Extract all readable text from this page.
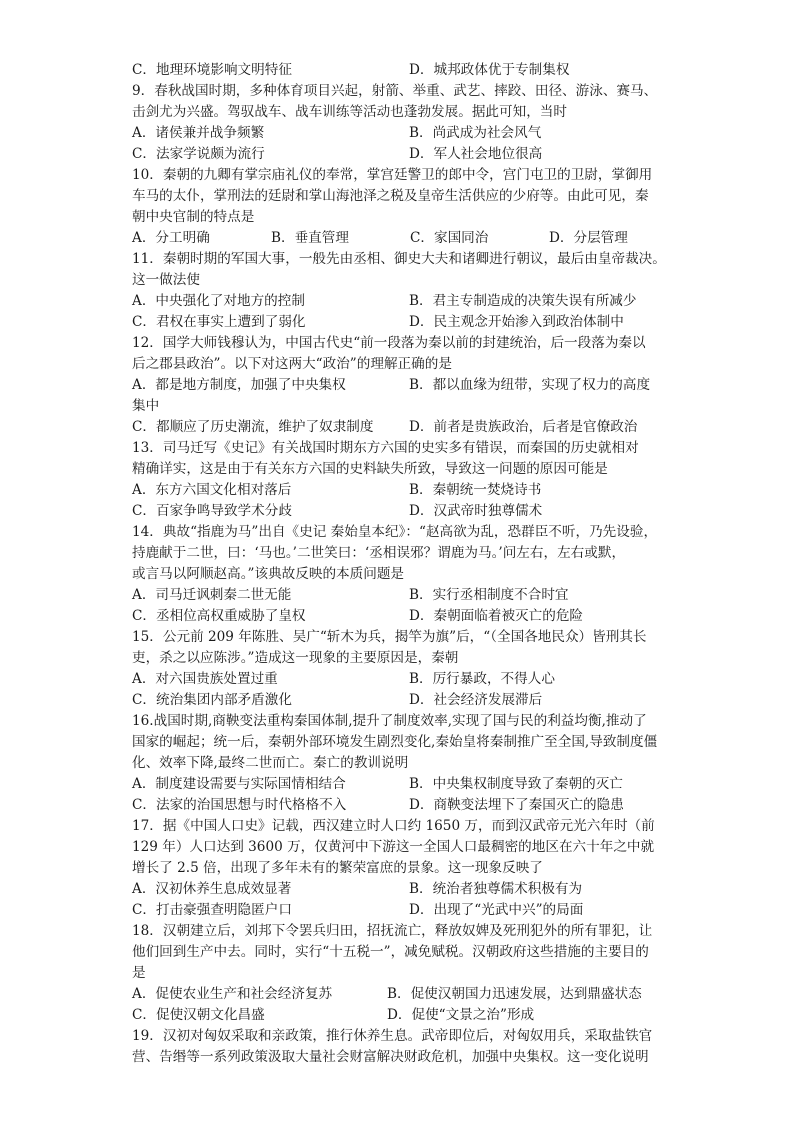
C．地理环境影响文明特征	D．城邦政体优于专制集权
9．春秋战国时期，多种体育项目兴起，射箭、举重、武艺、摔跤、田径、游泳、赛马、
击剑尤为兴盛。驾驭战车、战车训练等活动也蓬勃发展。据此可知，当时
A．诸侯兼并战争频繁	B．尚武成为社会风气
C．法家学说颇为流行	D．军人社会地位很高
10．秦朝的九卿有掌宗庙礼仪的奉常，掌宫廷警卫的郎中令，宫门屯卫的卫尉，掌御用
车马的太仆，掌刑法的廷尉和掌山海池泽之税及皇帝生活供应的少府等。由此可见，秦
朝中央官制的特点是
A．分工明确	B．垂直管理	C．家国同治	D．分层管理
11．秦朝时期的军国大事，一般先由丞相、御史大夫和诸卿进行朝议，最后由皇帝裁决。
这一做法使
A．中央强化了对地方的控制	B．君主专制造成的决策失误有所减少
C．君权在事实上遭到了弱化	D．民主观念开始渗入到政治体制中
12．国学大师钱穆认为，中国古代史“前一段落为秦以前的封建统治，后一段落为秦以
后之郡县政治”。以下对这两大“政治”的理解正确的是
A．都是地方制度，加强了中央集权	B．都以血缘为纽带，实现了权力的高度
集中
C．都顺应了历史潮流，维护了奴隶制度	D．前者是贵族政治，后者是官僚政治
13．司马迁写《史记》有关战国时期东方六国的史实多有错误，而秦国的历史就相对
精确详实，这是由于有关东方六国的史料缺失所致，导致这一问题的原因可能是
A．东方六国文化相对落后	B．秦朝统一焚烧诗书
C．百家争鸣导致学术分歧	D．汉武帝时独尊儒术
14．典故“指鹿为马”出自《史记 秦始皇本纪》：“赵高欲为乱，恐群臣不听，乃先设验，
持鹿献于二世，曰：‘马也。’二世笑曰：‘丞相误邪？谓鹿为马。’问左右，左右或默，
或言马以阿顺赵高。”该典故反映的本质问题是
A．司马迁讽刺秦二世无能	B．实行丞相制度不合时宜
C．丞相位高权重威胁了皇权	D．秦朝面临着被灭亡的危险
15．公元前 209 年陈胜、吴广“斩木为兵，揭竿为旗”后，“（全国各地民众）皆刑其长
吏，杀之以应陈涉。”造成这一现象的主要原因是，秦朝
A．对六国贵族处置过重	B．厉行暴政，不得人心
C．统治集团内部矛盾激化	D．社会经济发展滞后
16.战国时期,商鞅变法重构秦国体制,提升了制度效率,实现了国与民的利益均衡,推动了
国家的崛起；统一后，秦朝外部环境发生剧烈变化,秦始皇将秦制推广至全国,导致制度僵
化、效率下降,最终二世而亡。秦亡的教训说明
A．制度建设需要与实际国情相结合	B．中央集权制度导致了秦朝的灭亡
C．法家的治国思想与时代格格不入	D．商鞅变法埋下了秦国灭亡的隐患
17．据《中国人口史》记载，西汉建立时人口约 1650 万，而到汉武帝元光六年时（前
129 年）人口达到 3600 万，仅黄河中下游这一全国人口最稠密的地区在六十年之中就
增长了 2.5 倍，出现了多年未有的繁荣富庶的景象。这一现象反映了
A．汉初休养生息成效显著	B．统治者独尊儒术积极有为
C．打击豪强查明隐匿户口	D．出现了“光武中兴”的局面
18．汉朝建立后，刘邦下令罢兵归田，招抚流亡，释放奴婢及死刑犯外的所有罪犯，让
他们回到生产中去。同时，实行“十五税一”，减免赋税。汉朝政府这些措施的主要目的
是
A．促使农业生产和社会经济复苏	B．促使汉朝国力迅速发展，达到鼎盛状态
C．促使汉朝文化昌盛	D．促使“文景之治”形成
19．汉初对匈奴采取和亲政策，推行休养生息。武帝即位后，对匈奴用兵，采取盐铁官
营、告缗等一系列政策汲取大量社会财富解决财政危机，加强中央集权。这一变化说明
